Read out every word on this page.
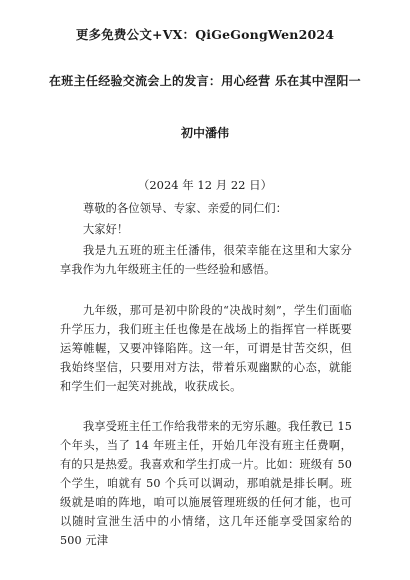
更多免费公文+VX：QiGeGongWen2024
在班主任经验交流会上的发言：用心经营 乐在其中涅阳一
初中潘伟
（2024 年 12 月 22 日）

尊敬的各位领导、专家、亲爱的同仁们：

大家好！

我是九五班的班主任潘伟，很荣幸能在这里和大家分享我作为九年级班主任的一些经验和感悟。

九年级，那可是初中阶段的“决战时刻”，学生们面临升学压力，我们班主任也像是在战场上的指挥官一样既要运筹帷幄，又要冲锋陷阵。这一年，可谓是甘苦交织，但我始终坚信，只要用对方法，带着乐观幽默的心态，就能和学生们一起笑对挑战，收获成长。

我享受班主任工作给我带来的无穷乐趣。我任教已 15 个年头，当了 14 年班主任，开始几年没有班主任费啊，有的只是热爱。我喜欢和学生打成一片。比如：班级有 50 个学生，咱就有 50 个兵可以调动，那咱就是排长啊。班级就是咱的阵地，咱可以施展管理班级的任何才能，也可以随时宣泄生活中的小情绪，这几年还能享受国家给的 500 元津
